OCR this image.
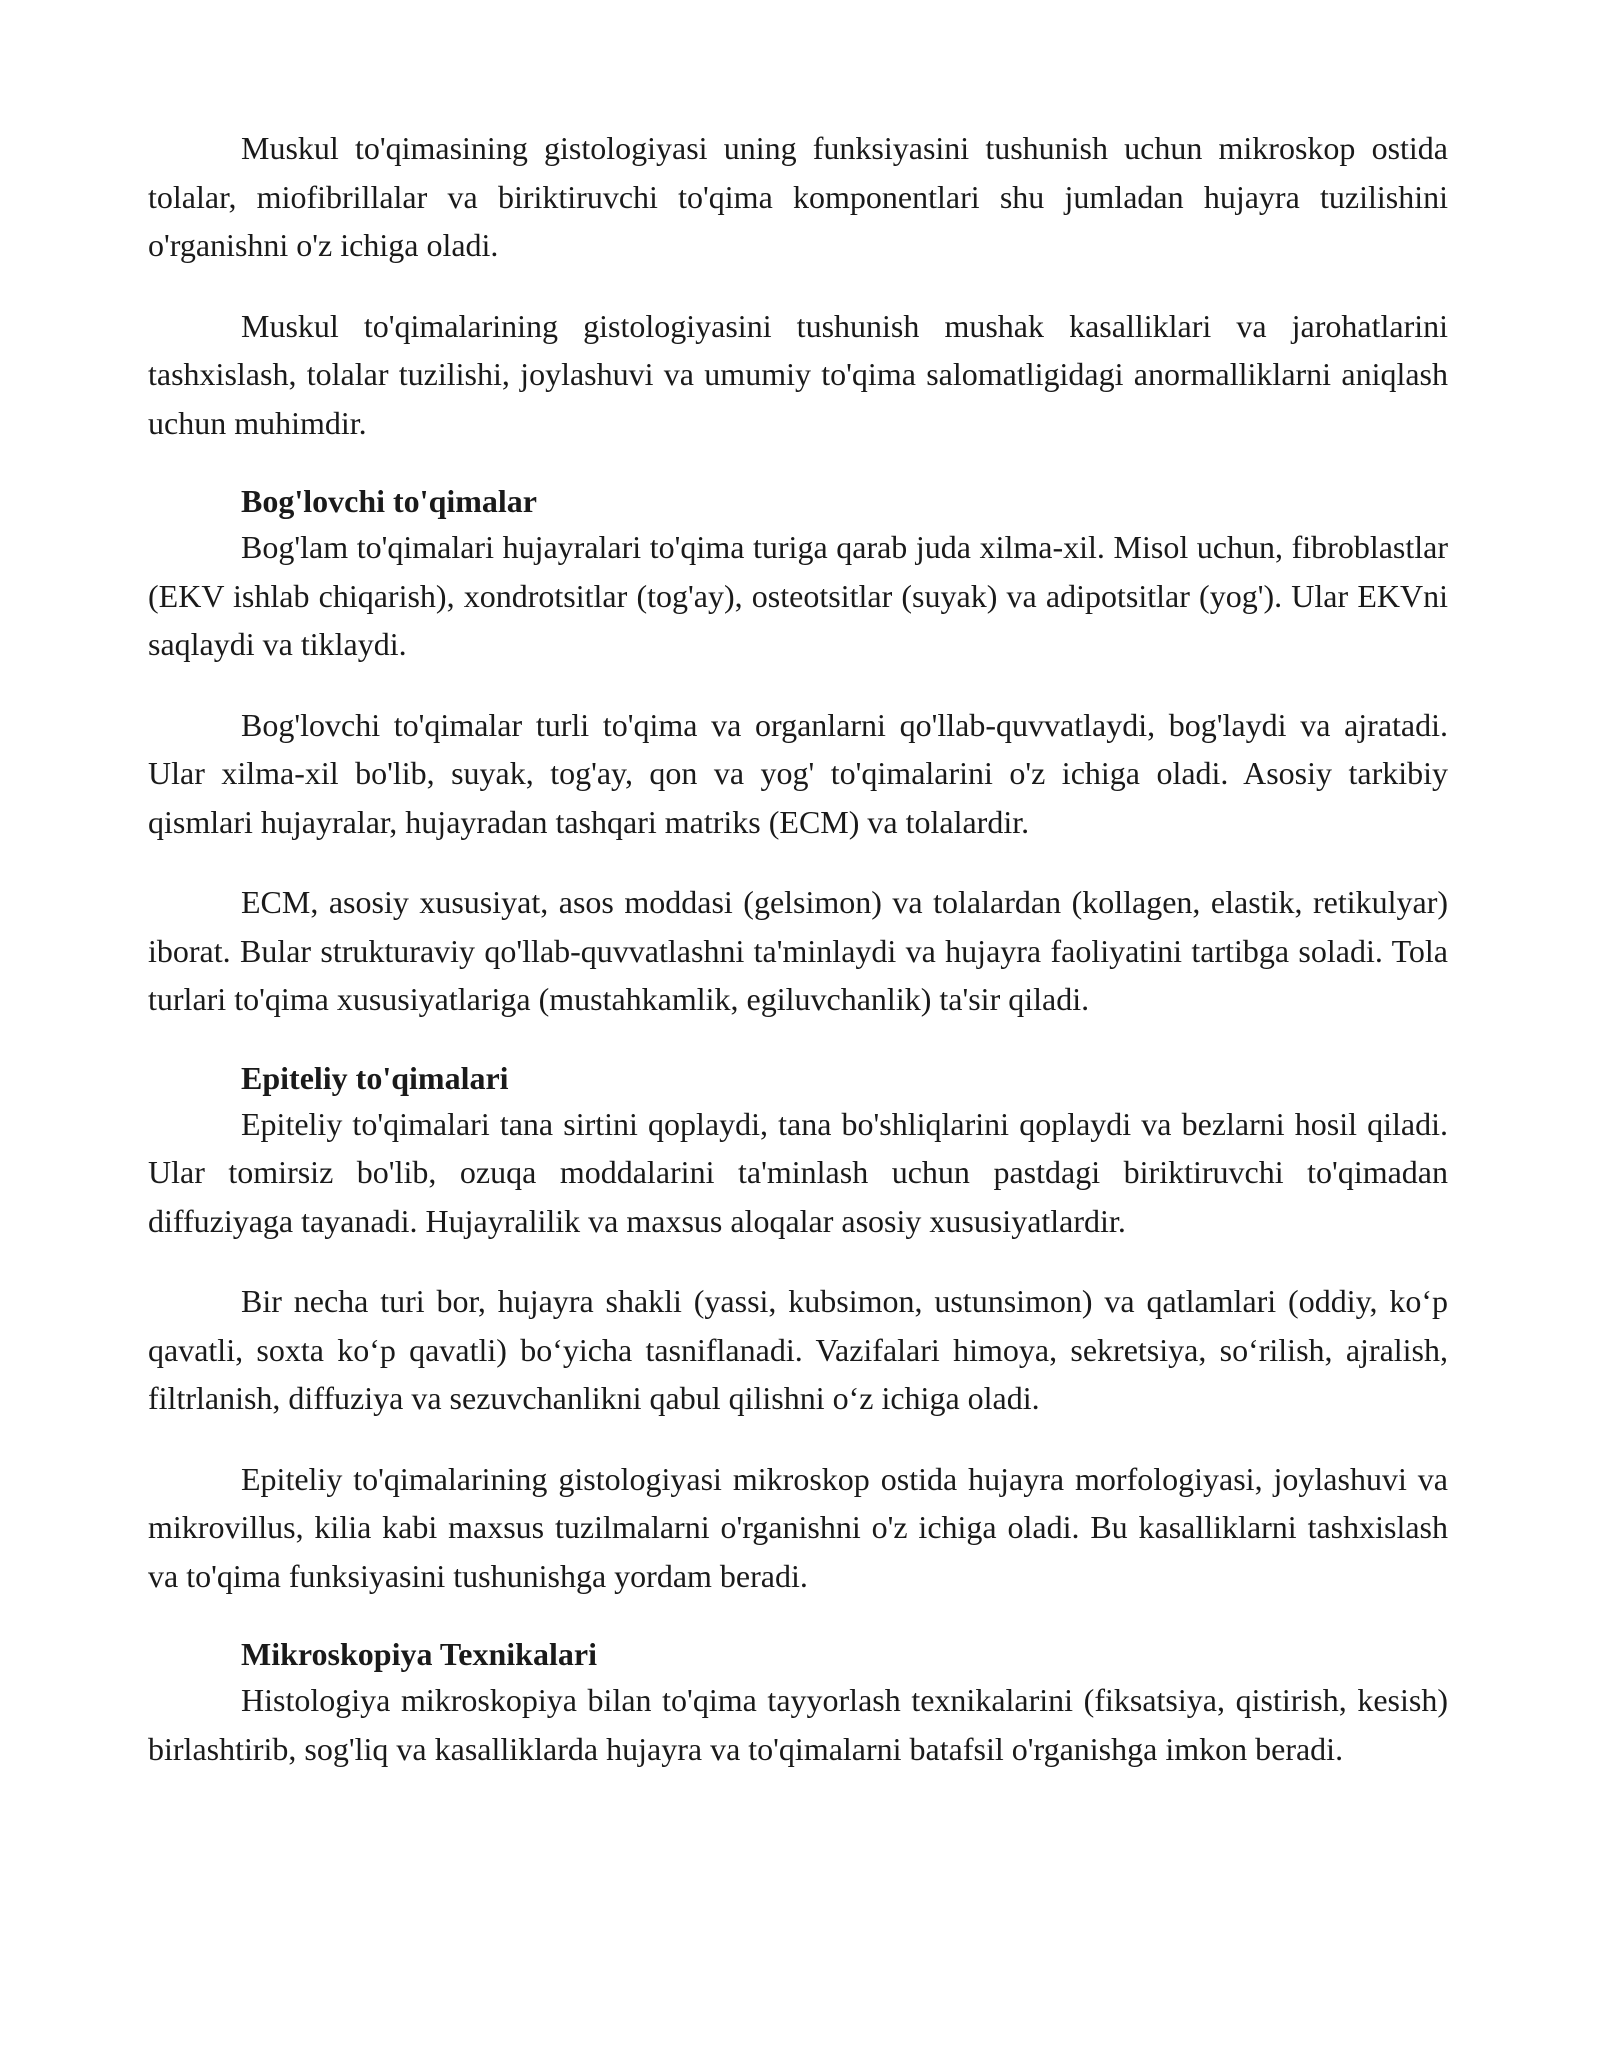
Muskul to'qimasining gistologiyasi uning funksiyasini tushunish uchun mikroskop ostida tolalar, miofibrillalar va biriktiruvchi to'qima komponentlari shu jumladan hujayra tuzilishini o'rganishni o'z ichiga oladi.

Muskul to'qimalarining gistologiyasini tushunish mushak kasalliklari va jarohatlarini tashxislash, tolalar tuzilishi, joylashuvi va umumiy to'qima salomatligidagi anormalliklarni aniqlash uchun muhimdir.

Bog'lovchi to'qimalar

Bog'lam to'qimalari hujayralari to'qima turiga qarab juda xilma-xil. Misol uchun, fibroblastlar (EKV ishlab chiqarish), xondrotsitlar (tog'ay), osteotsitlar (suyak) va adipotsitlar (yog'). Ular EKVni saqlaydi va tiklaydi.

Bog'lovchi to'qimalar turli to'qima va organlarni qo'llab-quvvatlaydi, bog'laydi va ajratadi. Ular xilma-xil bo'lib, suyak, tog'ay, qon va yog' to'qimalarini o'z ichiga oladi. Asosiy tarkibiy qismlari hujayralar, hujayradan tashqari matriks (ECM) va tolalardir.

ECM, asosiy xususiyat, asos moddasi (gelsimon) va tolalardan (kollagen, elastik, retikulyar) iborat. Bular strukturaviy qo'llab-quvvatlashni ta'minlaydi va hujayra faoliyatini tartibga soladi. Tola turlari to'qima xususiyatlariga (mustahkamlik, egiluvchanlik) ta'sir qiladi.

Epiteliy to'qimalari

Epiteliy to'qimalari tana sirtini qoplaydi, tana bo'shliqlarini qoplaydi va bezlarni hosil qiladi. Ular tomirsiz bo'lib, ozuqa moddalarini ta'minlash uchun pastdagi biriktiruvchi to'qimadan diffuziyaga tayanadi. Hujayralilik va maxsus aloqalar asosiy xususiyatlardir.

Bir necha turi bor, hujayra shakli (yassi, kubsimon, ustunsimon) va qatlamlari (oddiy, ko‘p qavatli, soxta ko‘p qavatli) bo‘yicha tasniflanadi. Vazifalari himoya, sekretsiya, so‘rilish, ajralish, filtrlanish, diffuziya va sezuvchanlikni qabul qilishni o‘z ichiga oladi.

Epiteliy to'qimalarining gistologiyasi mikroskop ostida hujayra morfologiyasi, joylashuvi va mikrovillus, kilia kabi maxsus tuzilmalarni o'rganishni o'z ichiga oladi. Bu kasalliklarni tashxislash va to'qima funksiyasini tushunishga yordam beradi.

Mikroskopiya Texnikalari

Histologiya mikroskopiya bilan to'qima tayyorlash texnikalarini (fiksatsiya, qistirish, kesish) birlashtirib, sog'liq va kasalliklarda hujayra va to'qimalarni batafsil o'rganishga imkon beradi.
